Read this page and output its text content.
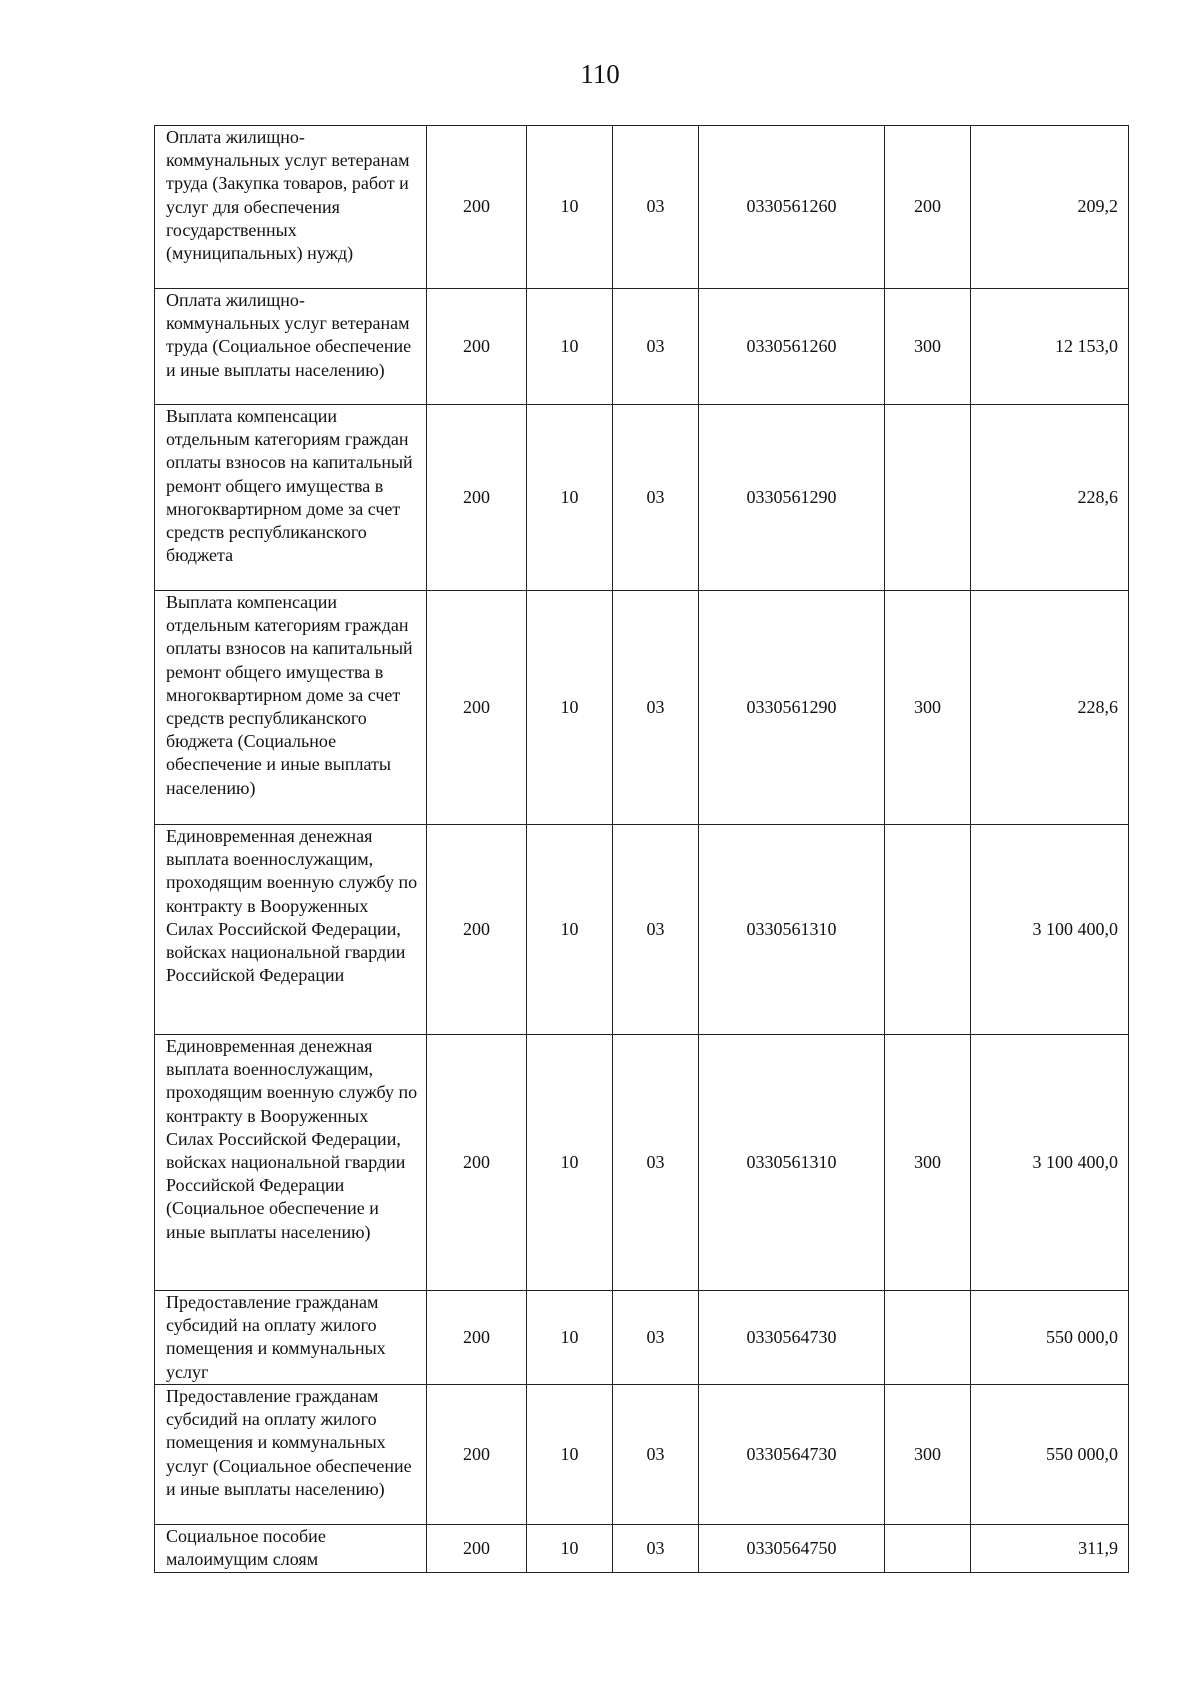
110
Оплата жилищно-коммунальных услуг ветеранам труда (Закупка товаров, работ и услуг для обеспечения государственных (муниципальных) нужд)	200	10	03	0330561260	200	209,2
Оплата жилищно-коммунальных услуг ветеранам труда (Социальное обеспечение и иные выплаты населению)	200	10	03	0330561260	300	12 153,0
Выплата компенсации отдельным категориям граждан оплаты взносов на капитальный ремонт общего имущества в многоквартирном доме за счет средств республиканского бюджета	200	10	03	0330561290		228,6
Выплата компенсации отдельным категориям граждан оплаты взносов на капитальный ремонт общего имущества в многоквартирном доме за счет средств республиканского бюджета (Социальное обеспечение и иные выплаты населению)	200	10	03	0330561290	300	228,6
Единовременная денежная выплата военнослужащим, проходящим военную службу по контракту в Вооруженных Силах Российской Федерации, войсках национальной гвардии Российской Федерации	200	10	03	0330561310		3 100 400,0
Единовременная денежная выплата военнослужащим, проходящим военную службу по контракту в Вооруженных Силах Российской Федерации, войсках национальной гвардии Российской Федерации (Социальное обеспечение и иные выплаты населению)	200	10	03	0330561310	300	3 100 400,0
Предоставление гражданам субсидий на оплату жилого помещения и коммунальных услуг	200	10	03	0330564730		550 000,0
Предоставление гражданам субсидий на оплату жилого помещения и коммунальных услуг (Социальное обеспечение и иные выплаты населению)	200	10	03	0330564730	300	550 000,0
Социальное пособие малоимущим слоям	200	10	03	0330564750		311,9
